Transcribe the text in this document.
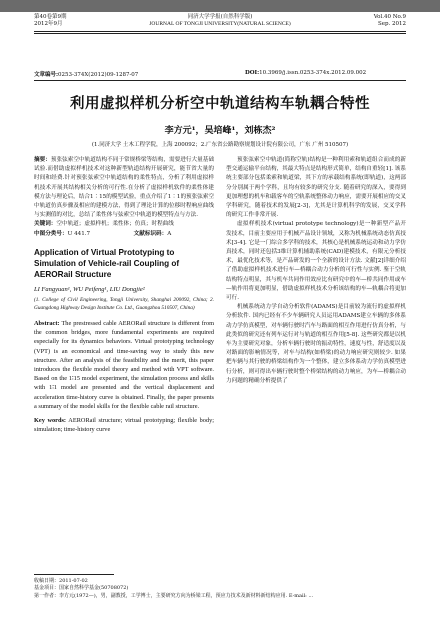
第40卷第9期
2012年9月
同济大学学报(自然科学版)
JOURNAL OF TONGJI UNIVERSITY(NATURAL SCIENCE)
Vol.40 No.9
Sep. 2012
文章编号:0253-374X(2012)09-1287-07	DOI:10.3969/j.issn.0253-374x.2012.09.002
利用虚拟样机分析空中轨道结构车轨耦合特性
李方元¹，吴培峰¹，刘栋杰²
(1.同济大学 土木工程学院，上海 200092；2.广东省公路勘察规划设计院有限公司，广东 广州 510507)

摘要：预张弦索空中轨道结构不同于常规桥梁等结构，需要进行大量基础试验.而借助虚拟样机技术对这种新型轨道结构开展研究，能节省大量的时间和经费.针对预张弦索空中轨道结构的柔性特点，分析了利用虚拟样机技术开展其结构相关分析的可行性.在分析了虚拟样机软件的柔性体建模方法与理论后，结合1∶15的模型试验，重点介绍了1∶1的预张弦索空中轨道仿真步骤及相应的建模方法，得到了理论计算的位移时程响应曲线与实测值的对比，总结了柔性体与弦索空中轨道的模型特点与方法.

关键词：空中轨道；虚拟样机；柔性体；仿真；时程曲线

中图分类号：U 441.7	文献标识码：A

Application of Virtual Prototyping to Simulation of Vehicle-rail Coupling of AERORail Structure
LI Fangyuan¹, WU Peifeng¹, LIU Dongjie²
(1. College of Civil Engineering, Tongji University, Shanghai 200092, China; 2. Guangdong Highway Design Institute Co. Ltd., Guangzhou 510507, China)
Abstract: The prestressed cable AERORail structure is different from the common bridges, more fundamental experiments are required especially for its dynamics behaviors. Virtual prototyping technology (VPT) is an economical and time-saving way to study this new structure. After an analysis of the feasibility and the merit, this paper introduces the flexible model theory and method with VPT software. Based on the 1∶15 model experiment, the simulation process and skills with 1∶1 model are presented and the vertical displacement and acceleration time-history curve is obtained. Finally, the paper presents a summary of the model skills for the flexible cable rail structure.
Key words: AERORail structure; virtual prototyping; flexible body; simulation; time-history curve

预张弦索空中轨道(简称空轨)结构是一种利用索和轨道组合而成的新型交通运输平台结构，其最大特点是结构形式简单，结构自重轻[1]. 该系统主要部分包括柔索和轨道梁，其下方的承载结构系统(即轨道)，这两部分分别属于两个学科，且均有较多的研究分支. 随着研究的深入，要得到更加理想的机车和载客车的空轨系统整体动力响应，需要开展相应的交叉学科研究，随着技术的发展[2-3]，尤其是计算机科学的发展，交叉学科的研究工作非常开展.

虚拟样机技术(virtual prototype technology)是一种新型产品开发技术，目前主要应用于机械产品设计领域，又称为机械系统动态仿真技术[3-4]. 它是一门综合多学科的技术，其核心是机械系统运动和动力学仿真技术，同时还包括3维计算机辅助系统(CAD)建模技术，有限元分析技术，最优化技术等，是产品研发的一个全新的设计方法. 文献[2]详细介绍了借助虚拟样机技术进行车—桥耦合动力分析的可行性与实例. 鉴于空轨结构特点明显，其与机车共同作用效应比有研究中的车—桥共同作用或车—轨作用将更加明显，借助虚拟样机技术分析该结构的车—轨耦合将更加可行.

机械系统动力学自动分析软件(ADAMS)是目前较为流行的虚拟样机分析软件. 国内已经有不少车辆研究人员运用ADAMS建立车辆的多体系动力学仿真模型，对车辆行驶时汽车与路面的相互作用进行仿真分析，与此类似的研究还有列车运行对与轨道的相互作用[5-8]. 这些研究都是以机车为主要研究对象，分析车辆行驶时的振动特性，速度与性，舒适度以及对路面的影响情况等，对车与结构(如桥梁)的动力响应研究则较少. 如果把车辆与其行驶的桥梁结构作为一个整体，建立多体系动力学仿真模型进行分析，则可得出车辆行驶时整个桥梁结构的动力响应，为车—桥耦合动力问题的精确分析提供了

收稿日期：2011-07-02
基金项目：国家自然科学基金(50708072)
第一作者：李方元(1972—)，男，副教授，工学博士，主要研究方向为桥梁工程，预应力技术及新材料新结构应用. E-mail: ...
